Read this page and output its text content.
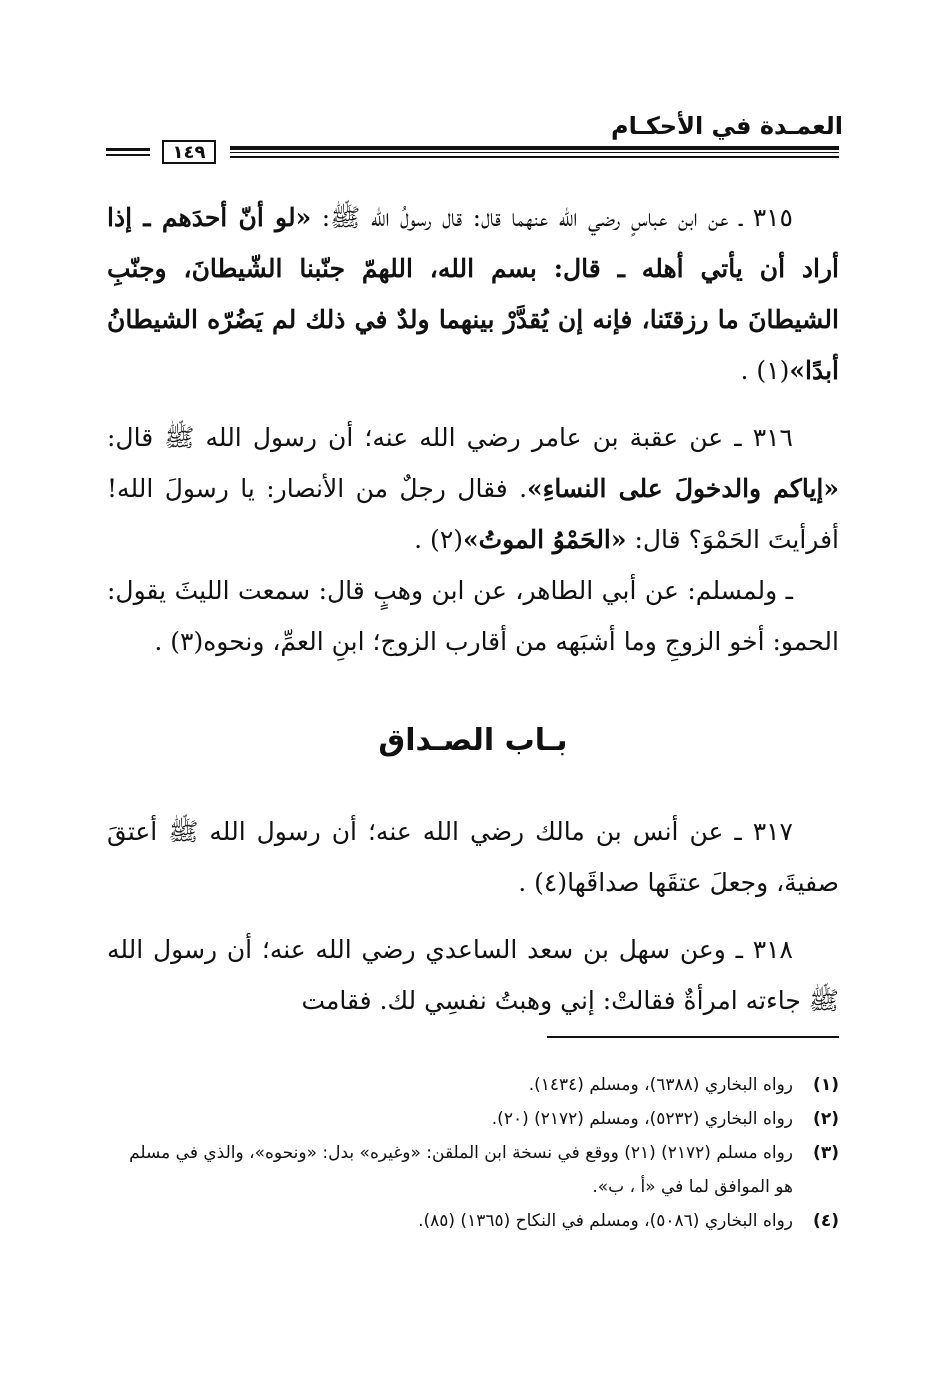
العمـدة في الأحكـام
١٤٩

٣١٥ ـ عن ابن عباسٍ رضي الله عنهما قال: قال رسولُ الله ﷺ: «لو أنّ أحدَهم ـ إذا أراد أن يأتي أهله ـ قال: بسم الله، اللهمّ جنّبنا الشّيطانَ، وجنّبِ الشيطانَ ما رزقتَنا، فإنه إن يُقدَّرْ بينهما ولدٌ في ذلك لم يَضُرّه الشيطانُ أبدًا»(١) .

٣١٦ ـ عن عقبة بن عامر رضي الله عنه؛ أن رسول الله ﷺ قال: «إياكم والدخولَ على النساءِ». فقال رجلٌ من الأنصار: يا رسولَ الله! أفرأيتَ الحَمْوَ؟ قال: «الحَمْوُ الموتُ»(٢) .

ـ ولمسلم: عن أبي الطاهر، عن ابن وهبٍ قال: سمعت الليثَ يقول: الحمو: أخو الزوجِ وما أشبَهه من أقارب الزوج؛ ابنِ العمِّ، ونحوه(٣) .

بـاب الصـداق

٣١٧ ـ عن أنس بن مالك رضي الله عنه؛ أن رسول الله ﷺ أعتقَ صفيةَ، وجعلَ عتقَها صداقَها(٤) .

٣١٨ ـ وعن سهل بن سعد الساعدي رضي الله عنه؛ أن رسول الله ﷺ جاءته امرأةٌ فقالتْ: إني وهبتُ نفسِي لك. فقامت

(١)
رواه البخاري (٦٣٨٨)، ومسلم (١٤٣٤).
(٢)
رواه البخاري (٥٢٣٢)، ومسلم (٢١٧٢) (٢٠).
(٣)
رواه مسلم (٢١٧٢) (٢١) ووقع في نسخة ابن الملقن: «وغيره» بدل: «ونحوه»، والذي في مسلم هو الموافق لما في «أ ، ب».
(٤)
رواه البخاري (٥٠٨٦)، ومسلم في النكاح (١٣٦٥) (٨٥).
